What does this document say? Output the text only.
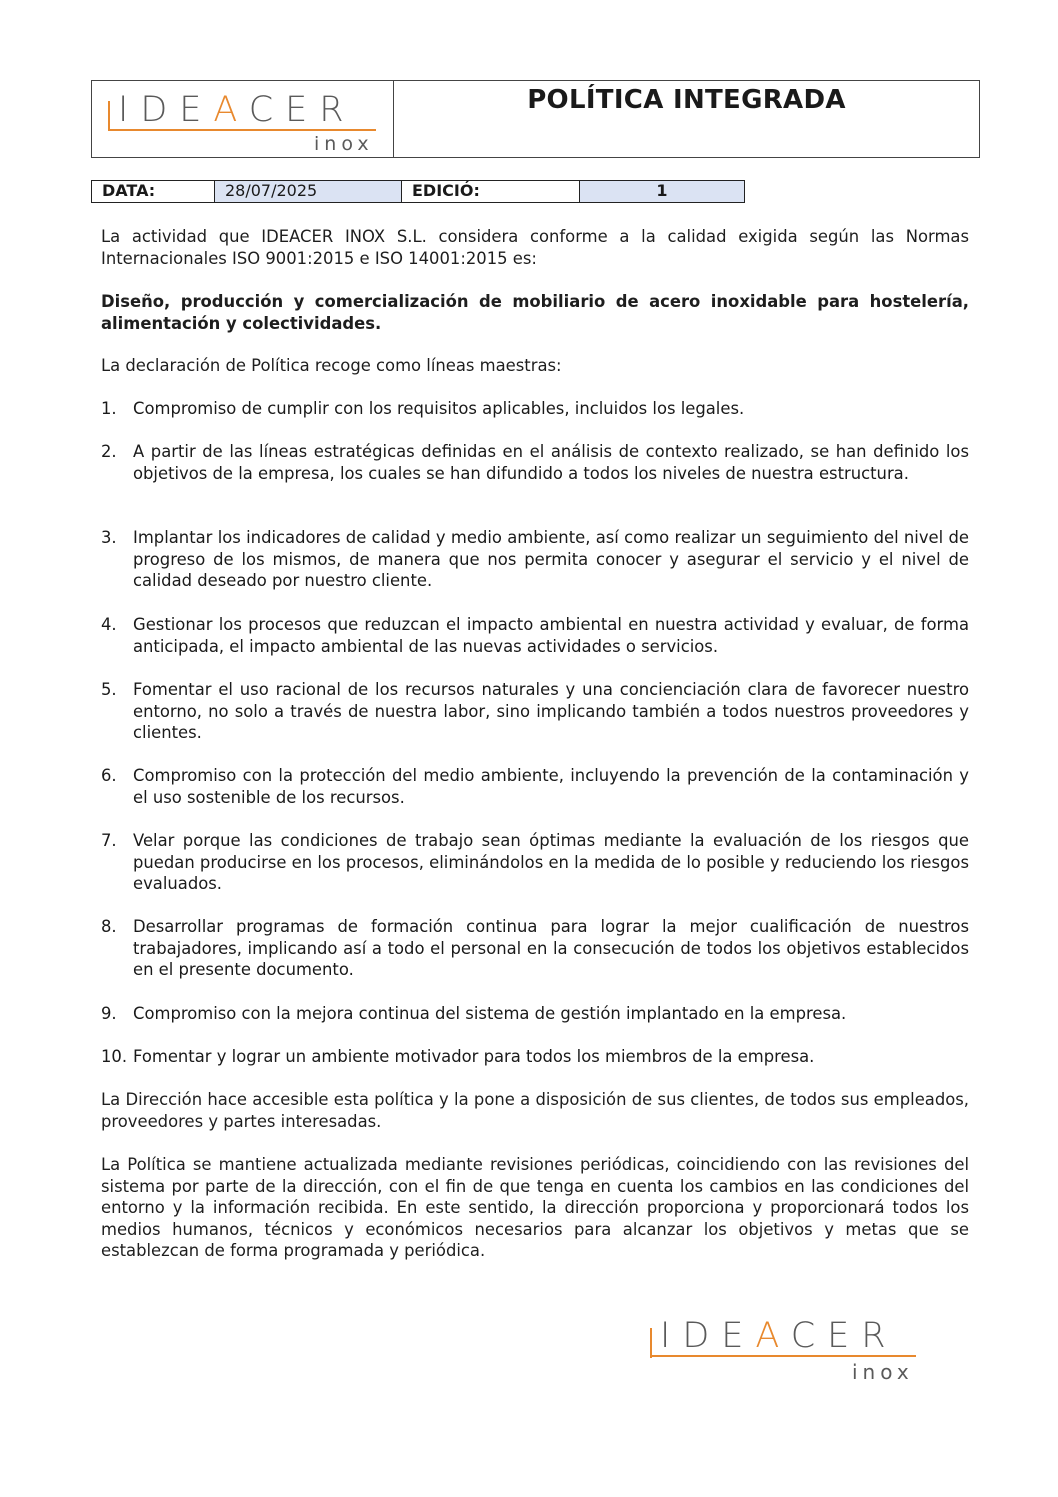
IDEACER
inox
POLÍTICA INTEGRADA
DATA:	28/07/2025	EDICIÓ:	1
La actividad que IDEACER INOX S.L. considera conforme a la calidad exigida según las Normas Internacionales ISO 9001:2015 e ISO 14001:2015 es:
Diseño, producción y comercialización de mobiliario de acero inoxidable para hostelería, alimentación y colectividades.
La declaración de Política recoge como líneas maestras:
1. Compromiso de cumplir con los requisitos aplicables, incluidos los legales.
2. A partir de las líneas estratégicas definidas en el análisis de contexto realizado, se han definido los objetivos de la empresa, los cuales se han difundido a todos los niveles de nuestra estructura.
3. Implantar los indicadores de calidad y medio ambiente, así como realizar un seguimiento del nivel de progreso de los mismos, de manera que nos permita conocer y asegurar el servicio y el nivel de calidad deseado por nuestro cliente.
4. Gestionar los procesos que reduzcan el impacto ambiental en nuestra actividad y evaluar, de forma anticipada, el impacto ambiental de las nuevas actividades o servicios.
5. Fomentar el uso racional de los recursos naturales y una concienciación clara de favorecer nuestro entorno, no solo a través de nuestra labor, sino implicando también a todos nuestros proveedores y clientes.
6. Compromiso con la protección del medio ambiente, incluyendo la prevención de la contaminación y el uso sostenible de los recursos.
7. Velar porque las condiciones de trabajo sean óptimas mediante la evaluación de los riesgos que puedan producirse en los procesos, eliminándolos en la medida de lo posible y reduciendo los riesgos evaluados.
8. Desarrollar programas de formación continua para lograr la mejor cualificación de nuestros trabajadores, implicando así a todo el personal en la consecución de todos los objetivos establecidos en el presente documento.
9. Compromiso con la mejora continua del sistema de gestión implantado en la empresa.
10. Fomentar y lograr un ambiente motivador para todos los miembros de la empresa.
La Dirección hace accesible esta política y la pone a disposición de sus clientes, de todos sus empleados, proveedores y partes interesadas.
La Política se mantiene actualizada mediante revisiones periódicas, coincidiendo con las revisiones del sistema por parte de la dirección, con el fin de que tenga en cuenta los cambios en las condiciones del entorno y la información recibida. En este sentido, la dirección proporciona y proporcionará todos los medios humanos, técnicos y económicos necesarios para alcanzar los objetivos y metas que se establezcan de forma programada y periódica.
IDEACER
inox
